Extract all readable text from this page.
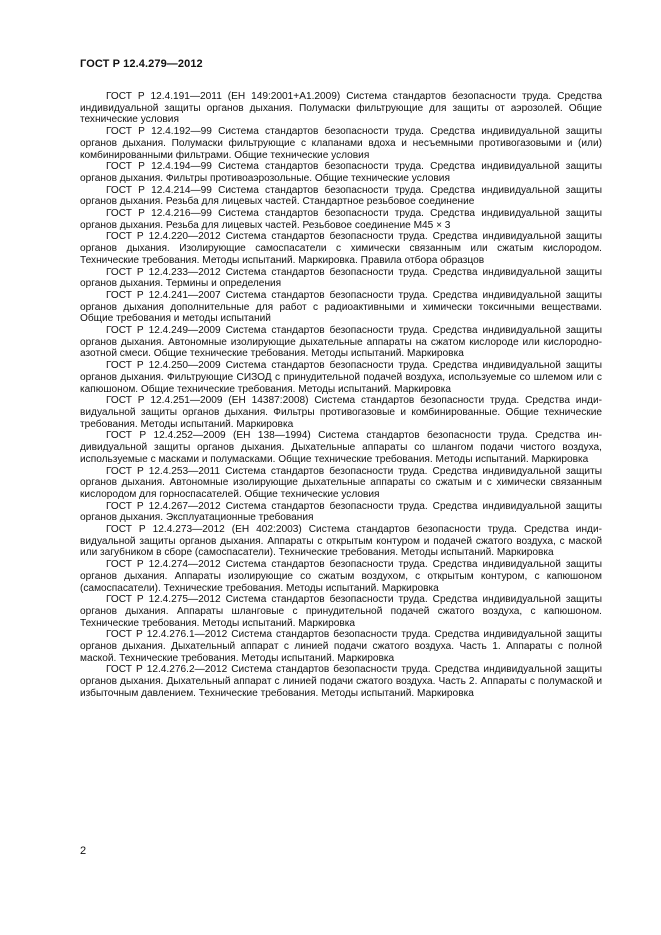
ГОСТ Р 12.4.279—2012

ГОСТ Р 12.4.191—2011 (ЕН 149:2001+А1.2009) Система стандартов безопасности труда. Средства индивидуальной защиты органов дыхания. Полумаски фильтрующие для защиты от аэрозолей. Общие технические условия

ГОСТ Р 12.4.192—99 Система стандартов безопасности труда. Средства индивидуальной защиты органов дыхания. Полумаски фильтрующие с клапанами вдоха и несъемными противогазовыми и (или) комбинированными фильтрами. Общие технические условия

ГОСТ Р 12.4.194—99 Система стандартов безопасности труда. Средства индивидуальной защиты органов дыхания. Фильтры противоаэрозольные. Общие технические условия

ГОСТ Р 12.4.214—99 Система стандартов безопасности труда. Средства индивидуальной защиты органов дыхания. Резьба для лицевых частей. Стандартное резьбовое соединение

ГОСТ Р 12.4.216—99 Система стандартов безопасности труда. Средства индивидуальной защиты органов дыхания. Резьба для лицевых частей. Резьбовое соединение М45 × 3

ГОСТ Р 12.4.220—2012 Система стандартов безопасности труда. Средства индивидуальной защиты органов дыхания. Изолирующие самоспасатели с химически связанным или сжатым кислородом. Технические требования. Методы испытаний. Маркировка. Правила отбора образцов

ГОСТ Р 12.4.233—2012 Система стандартов безопасности труда. Средства индивидуальной защиты органов дыхания. Термины и определения

ГОСТ Р 12.4.241—2007 Система стандартов безопасности труда. Средства индивидуальной защиты органов дыхания дополнительные для работ с радиоактивными и химически токсичными веществами. Общие требования и методы испытаний

ГОСТ Р 12.4.249—2009 Система стандартов безопасности труда. Средства индивидуальной защиты органов дыхания. Автономные изолирующие дыхательные аппараты на сжатом кислороде или кислородно-азотной смеси. Общие технические требования. Методы испытаний. Маркировка

ГОСТ Р 12.4.250—2009 Система стандартов безопасности труда. Средства индивидуальной защиты органов дыхания. Фильтрующие СИЗОД с принудительной подачей воздуха, используемые со шлемом или с капюшоном. Общие технические требования. Методы испытаний. Маркировка

ГОСТ Р 12.4.251—2009 (ЕН 14387:2008) Система стандартов безопасности труда. Средства индивидуальной защиты органов дыхания. Фильтры противогазовые и комбинированные. Общие технические требования. Методы испытаний. Маркировка

ГОСТ Р 12.4.252—2009 (ЕН 138—1994) Система стандартов безопасности труда. Средства индивидуальной защиты органов дыхания. Дыхательные аппараты со шлангом подачи чистого воздуха, используемые с масками и полумасками. Общие технические требования. Методы испытаний. Маркировка

ГОСТ Р 12.4.253—2011 Система стандартов безопасности труда. Средства индивидуальной защиты органов дыхания. Автономные изолирующие дыхательные аппараты со сжатым и с химически связанным кислородом для горноспасателей. Общие технические условия

ГОСТ Р 12.4.267—2012 Система стандартов безопасности труда. Средства индивидуальной защиты органов дыхания. Эксплуатационные требования

ГОСТ Р 12.4.273—2012 (ЕН 402:2003) Система стандартов безопасности труда. Средства индивидуальной защиты органов дыхания. Аппараты с открытым контуром и подачей сжатого воздуха, с маской или загубником в сборе (самоспасатели). Технические требования. Методы испытаний. Маркировка

ГОСТ Р 12.4.274—2012 Система стандартов безопасности труда. Средства индивидуальной защиты органов дыхания. Аппараты изолирующие со сжатым воздухом, с открытым контуром, с капюшоном (самоспасатели). Технические требования. Методы испытаний. Маркировка

ГОСТ Р 12.4.275—2012 Система стандартов безопасности труда. Средства индивидуальной защиты органов дыхания. Аппараты шланговые с принудительной подачей сжатого воздуха, с капюшоном. Технические требования. Методы испытаний. Маркировка

ГОСТ Р 12.4.276.1—2012 Система стандартов безопасности труда. Средства индивидуальной защиты органов дыхания. Дыхательный аппарат с линией подачи сжатого воздуха. Часть 1. Аппараты с полной маской. Технические требования. Методы испытаний. Маркировка

ГОСТ Р 12.4.276.2—2012 Система стандартов безопасности труда. Средства индивидуальной защиты органов дыхания. Дыхательный аппарат с линией подачи сжатого воздуха. Часть 2. Аппараты с полумаской и избыточным давлением. Технические требования. Методы испытаний. Маркировка

2
